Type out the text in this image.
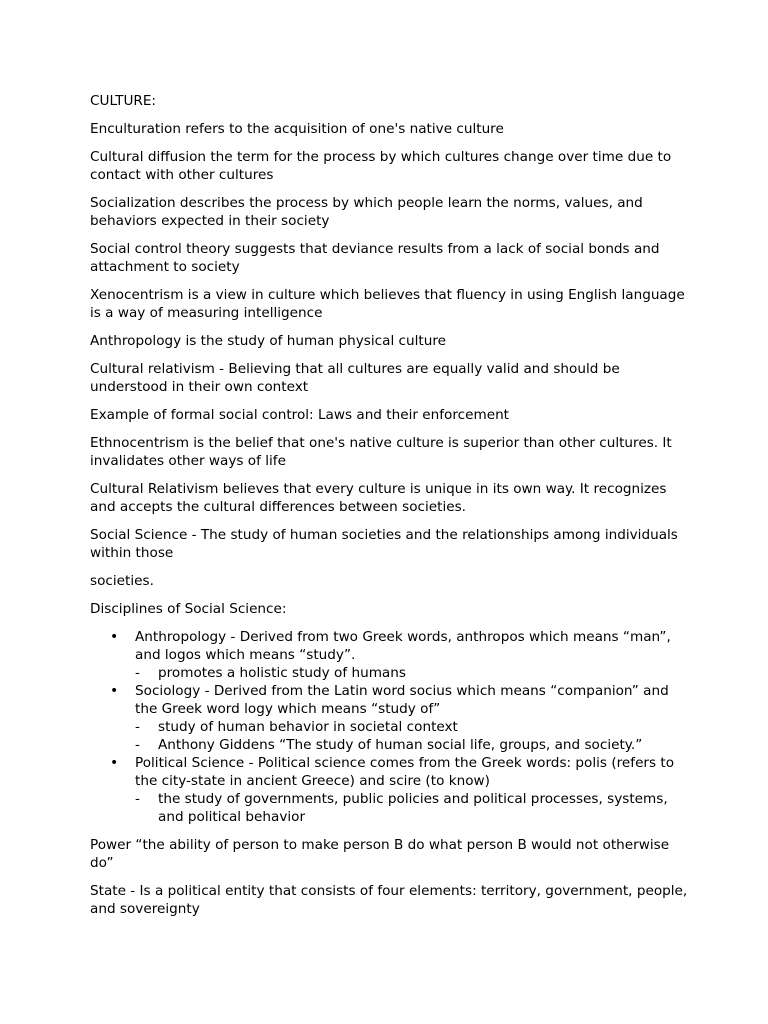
CULTURE:

Enculturation refers to the acquisition of one's native culture

Cultural diffusion the term for the process by which cultures change over time due to contact with other cultures

Socialization describes the process by which people learn the norms, values, and behaviors expected in their society

Social control theory suggests that deviance results from a lack of social bonds and attachment to society

Xenocentrism is a view in culture which believes that fluency in using English language is a way of measuring intelligence

Anthropology is the study of human physical culture

Cultural relativism - Believing that all cultures are equally valid and should be understood in their own context

Example of formal social control: Laws and their enforcement

Ethnocentrism is the belief that one's native culture is superior than other cultures. It invalidates other ways of life

Cultural Relativism believes that every culture is unique in its own way. It recognizes and accepts the cultural differences between societies.

Social Science - The study of human societies and the relationships among individuals within those

societies.

Disciplines of Social Science:

• Anthropology - Derived from two Greek words, anthropos which means “man”, and logos which means “study”.
- promotes a holistic study of humans
• Sociology - Derived from the Latin word socius which means “companion” and the Greek word logy which means “study of”
- study of human behavior in societal context
- Anthony Giddens “The study of human social life, groups, and society.”
• Political Science - Political science comes from the Greek words: polis (refers to the city-state in ancient Greece) and scire (to know)
- the study of governments, public policies and political processes, systems, and political behavior

Power “the ability of person to make person B do what person B would not otherwise do”

State - Is a political entity that consists of four elements: territory, government, people, and sovereignty
